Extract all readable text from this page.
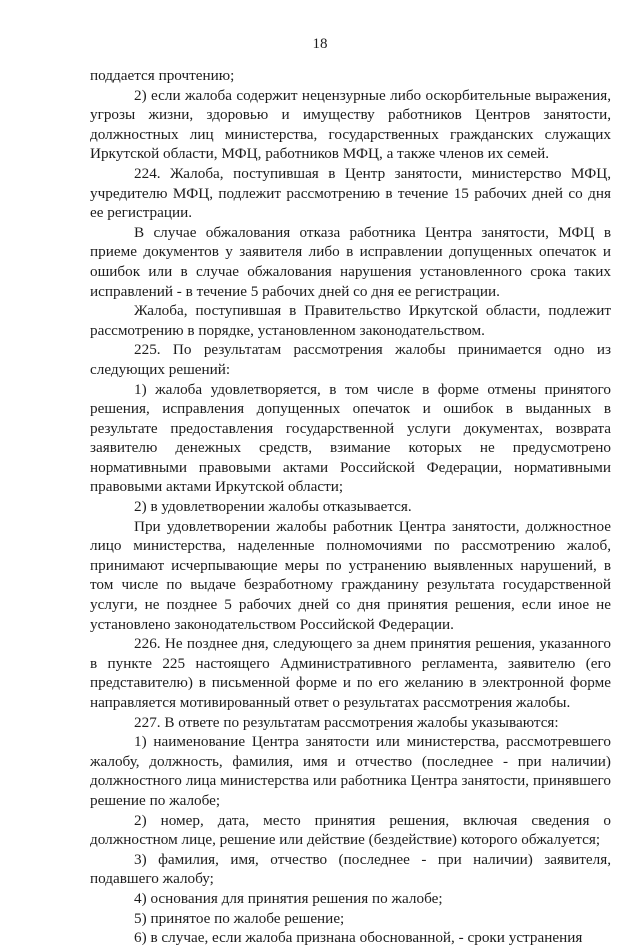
18

поддается прочтению;

2) если жалоба содержит нецензурные либо оскорбительные выражения, угрозы жизни, здоровью и имуществу работников Центров занятости, должностных лиц министерства, государственных гражданских служащих Иркутской области, МФЦ, работников МФЦ, а также членов их семей.

224. Жалоба, поступившая в Центр занятости, министерство МФЦ, учредителю МФЦ, подлежит рассмотрению в течение 15 рабочих дней со дня ее регистрации.

В случае обжалования отказа работника Центра занятости, МФЦ в приеме документов у заявителя либо в исправлении допущенных опечаток и ошибок или в случае обжалования нарушения установленного срока таких исправлений - в течение 5 рабочих дней со дня ее регистрации.

Жалоба, поступившая в Правительство Иркутской области, подлежит рассмотрению в порядке, установленном законодательством.

225. По результатам рассмотрения жалобы принимается одно из следующих решений:

1) жалоба удовлетворяется, в том числе в форме отмены принятого решения, исправления допущенных опечаток и ошибок в выданных в результате предоставления государственной услуги документах, возврата заявителю денежных средств, взимание которых не предусмотрено нормативными правовыми актами Российской Федерации, нормативными правовыми актами Иркутской области;

2) в удовлетворении жалобы отказывается.

При удовлетворении жалобы работник Центра занятости, должностное лицо министерства, наделенные полномочиями по рассмотрению жалоб, принимают исчерпывающие меры по устранению выявленных нарушений, в том числе по выдаче безработному гражданину результата государственной услуги, не позднее 5 рабочих дней со дня принятия решения, если иное не установлено законодательством Российской Федерации.

226. Не позднее дня, следующего за днем принятия решения, указанного в пункте 225 настоящего Административного регламента, заявителю (его представителю) в письменной форме и по его желанию в электронной форме направляется мотивированный ответ о результатах рассмотрения жалобы.

227. В ответе по результатам рассмотрения жалобы указываются:

1) наименование Центра занятости или министерства, рассмотревшего жалобу, должность, фамилия, имя и отчество (последнее - при наличии) должностного лица министерства или работника Центра занятости, принявшего решение по жалобе;

2) номер, дата, место принятия решения, включая сведения о должностном лице, решение или действие (бездействие) которого обжалуется;

3) фамилия, имя, отчество (последнее - при наличии) заявителя, подавшего жалобу;

4) основания для принятия решения по жалобе;

5) принятое по жалобе решение;

6) в случае, если жалоба признана обоснованной, - сроки устранения
